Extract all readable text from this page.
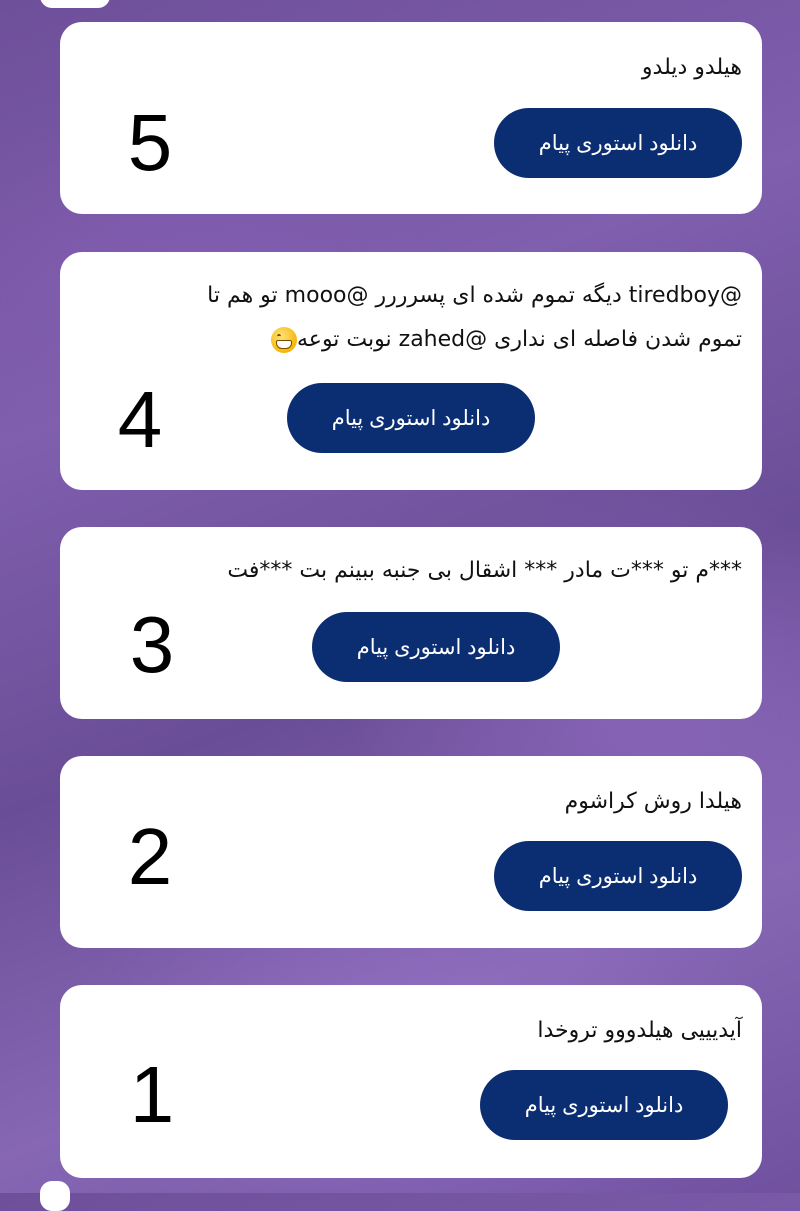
هیلدو دیلدو
دانلود استوری پیام
5
@tiredboy دیگه تموم شده ای پسرررر @mooo تو هم تا
تموم شدن فاصله ای نداری @zahed نوبت توعه
دانلود استوری پیام
4
***م تو ***ت مادر *** اشقال بی جنبه ببینم بت ***فت
دانلود استوری پیام
3
هیلدا روش کراشوم
دانلود استوری پیام
2
آیدیییی هیلدووو تروخدا
دانلود استوری پیام
1
